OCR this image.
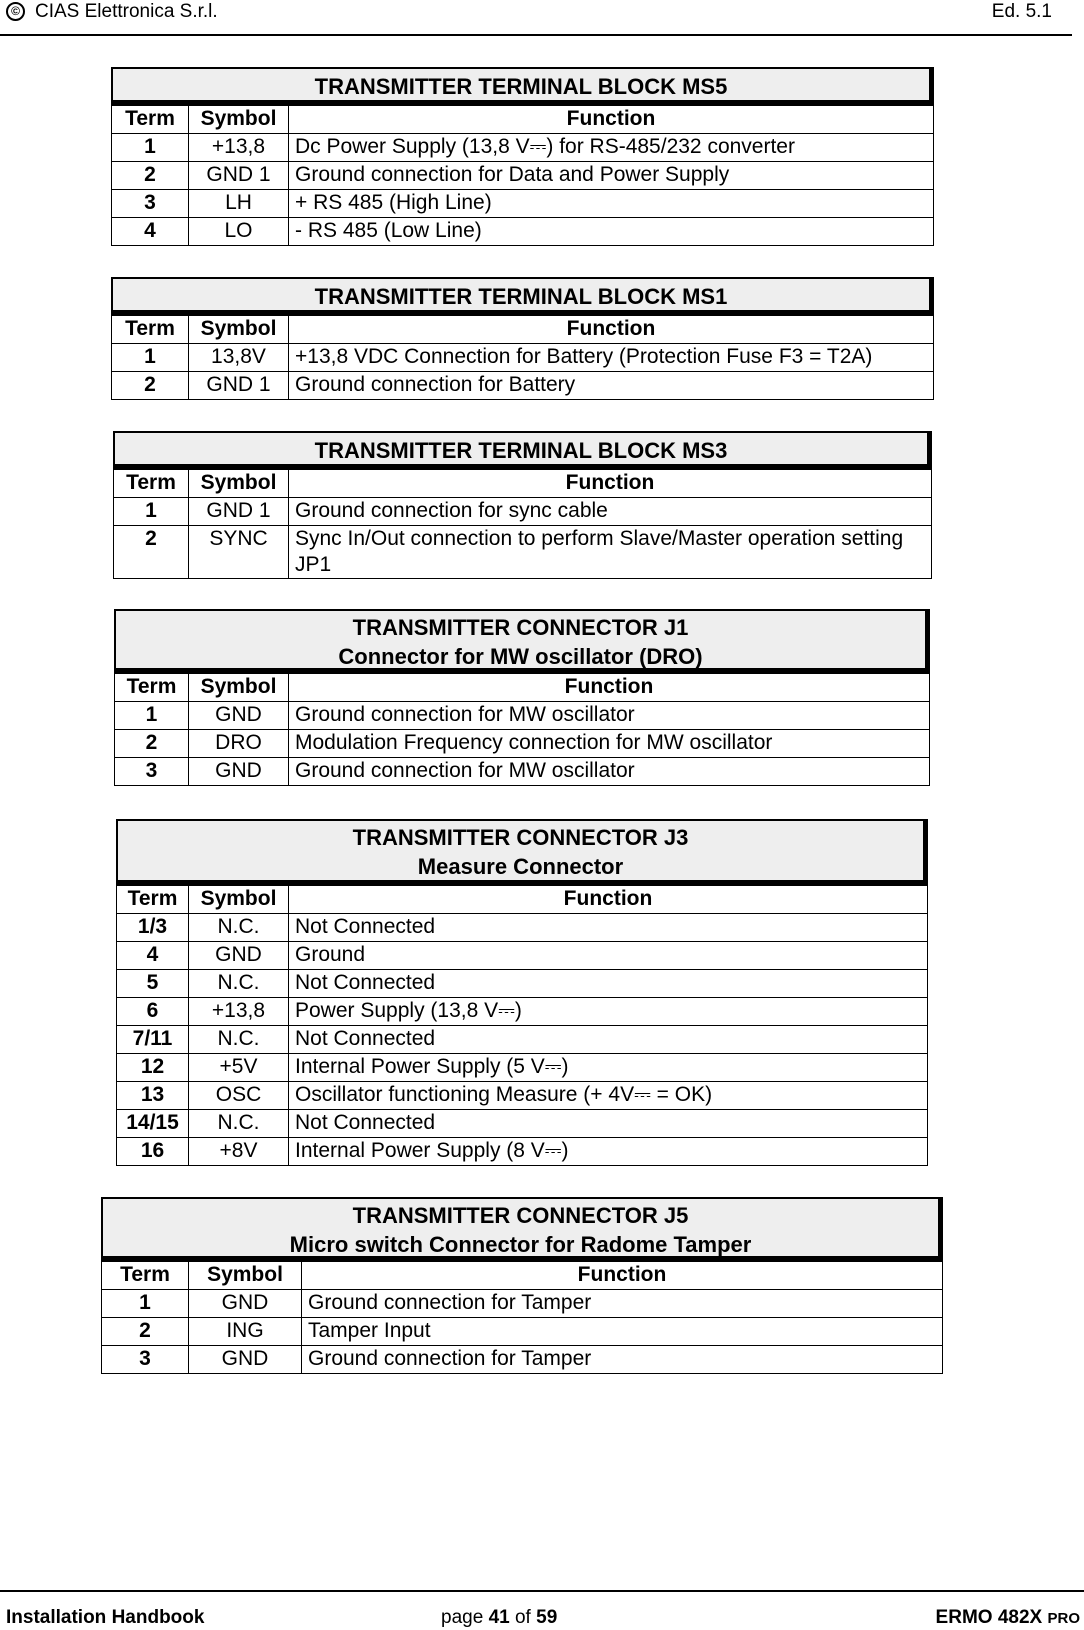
© CIAS Elettronica S.r.l.	Ed. 5.1
TRANSMITTER TERMINAL BLOCK MS5
Term	Symbol	Function
1	+13,8	Dc Power Supply (13,8 V⎓) for RS-485/232 converter
2	GND 1	Ground connection for Data and Power Supply
3	LH	+ RS 485 (High Line)
4	LO	- RS 485 (Low Line)
TRANSMITTER TERMINAL BLOCK MS1
Term	Symbol	Function
1	13,8V	+13,8 VDC Connection for Battery (Protection Fuse F3 = T2A)
2	GND 1	Ground connection for Battery
TRANSMITTER TERMINAL BLOCK MS3
Term	Symbol	Function
1	GND 1	Ground connection for sync cable
2	SYNC	Sync In/Out connection to perform Slave/Master operation setting JP1
TRANSMITTER CONNECTOR J1
Connector for MW oscillator (DRO)
Term	Symbol	Function
1	GND	Ground connection for MW oscillator
2	DRO	Modulation Frequency connection for MW oscillator
3	GND	Ground connection for MW oscillator
TRANSMITTER CONNECTOR J3
Measure Connector
Term	Symbol	Function
1/3	N.C.	Not Connected
4	GND	Ground
5	N.C.	Not Connected
6	+13,8	Power Supply (13,8 V⎓)
7/11	N.C.	Not Connected
12	+5V	Internal Power Supply (5 V⎓)
13	OSC	Oscillator functioning Measure (+ 4V⎓ = OK)
14/15	N.C.	Not Connected
16	+8V	Internal Power Supply (8 V⎓)
TRANSMITTER CONNECTOR J5
Micro switch Connector for Radome Tamper
Term	Symbol	Function
1	GND	Ground connection for Tamper
2	ING	Tamper Input
3	GND	Ground connection for Tamper
Installation Handbook	page 41 of 59	ERMO 482X PRO
